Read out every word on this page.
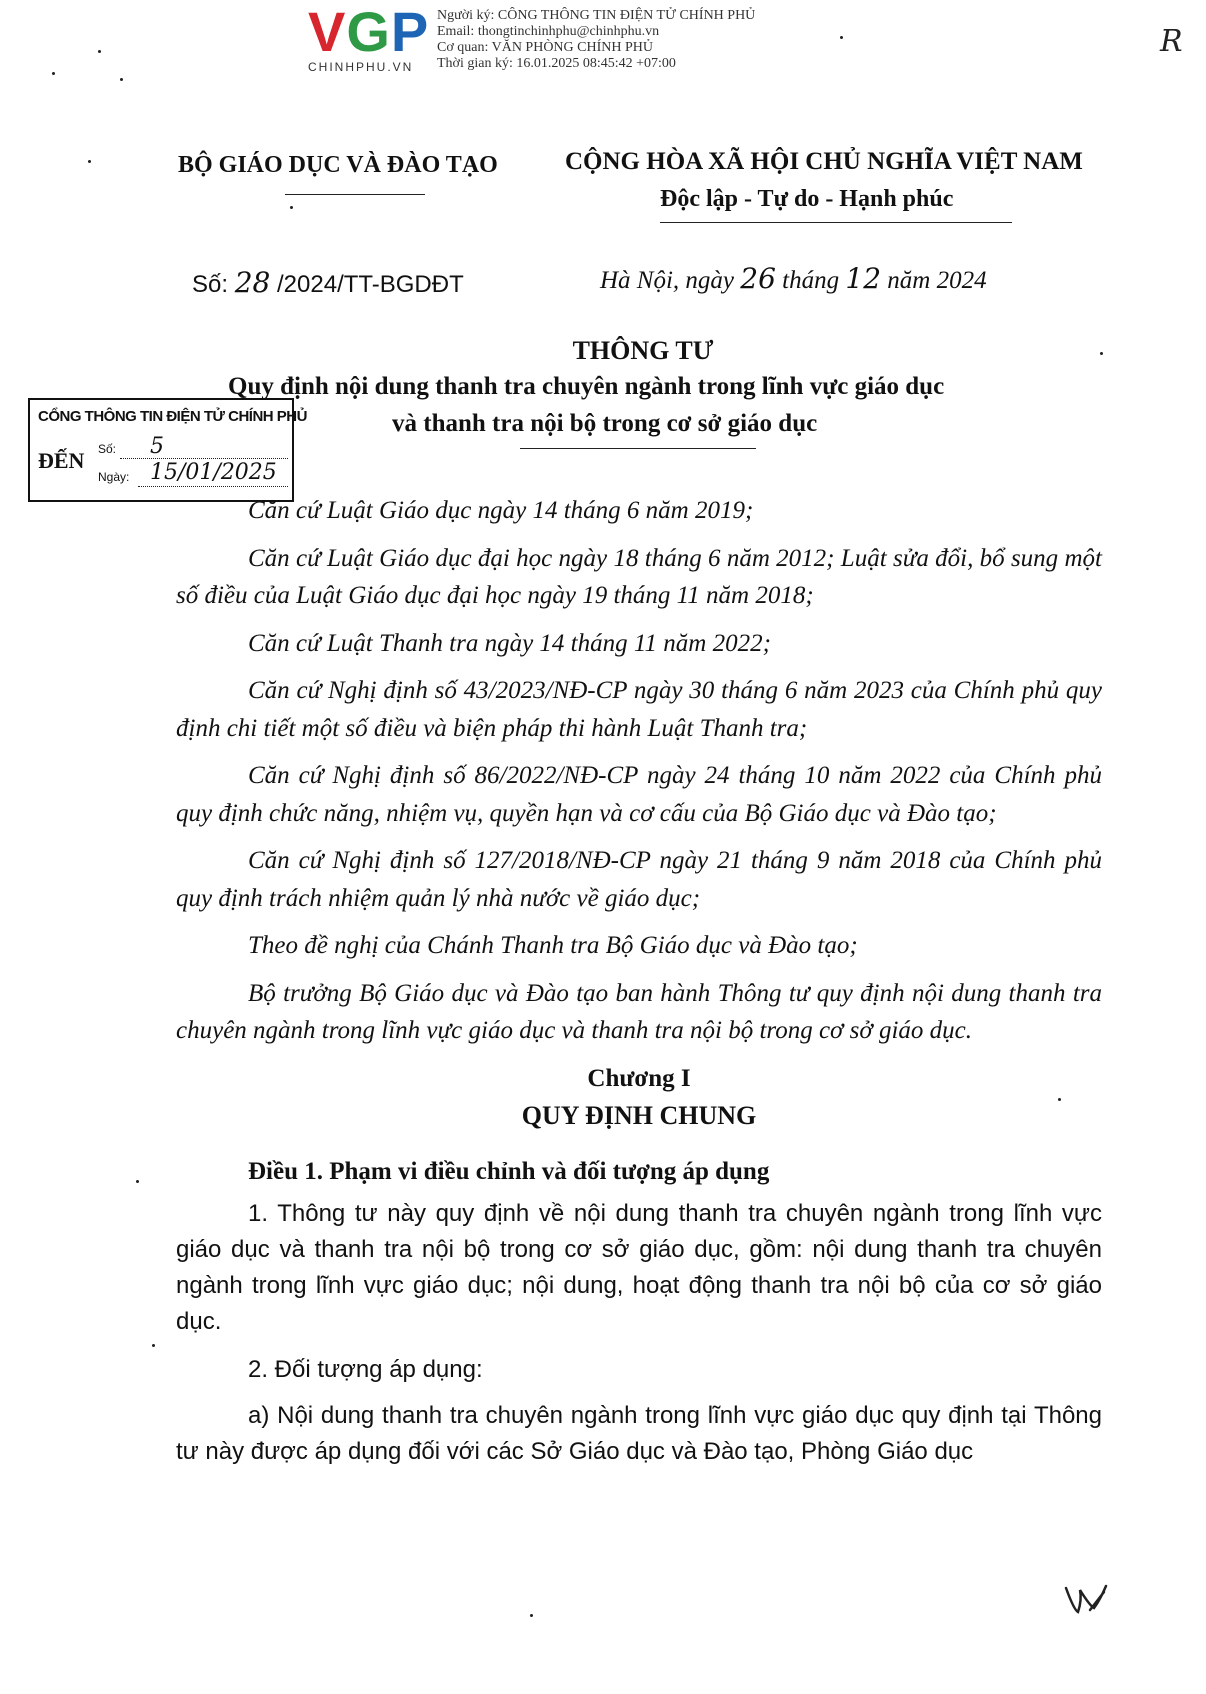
VGP
CHINHPHU.VN
Người ký: CÔNG THÔNG TIN ĐIỆN TỬ CHÍNH PHỦ
Email: thongtinchinhphu@chinhphu.vn
Cơ quan: VĂN PHÒNG CHÍNH PHỦ
Thời gian ký: 16.01.2025 08:45:42 +07:00
R
BỘ GIÁO DỤC VÀ ĐÀO TẠO	CỘNG HÒA XÃ HỘI CHỦ NGHĨA VIỆT NAM
Độc lập - Tự do - Hạnh phúc
Số: 28 /2024/TT-BGDĐT	Hà Nội, ngày 26 tháng 12 năm 2024
THÔNG TƯ
Quy định nội dung thanh tra chuyên ngành trong lĩnh vực giáo dục
và thanh tra nội bộ trong cơ sở giáo dục
CỔNG THÔNG TIN ĐIỆN TỬ CHÍNH PHỦ
ĐẾN Số: 5
Ngày: 15/01/2025

Căn cứ Luật Giáo dục ngày 14 tháng 6 năm 2019;

Căn cứ Luật Giáo dục đại học ngày 18 tháng 6 năm 2012; Luật sửa đổi, bổ sung một số điều của Luật Giáo dục đại học ngày 19 tháng 11 năm 2018;

Căn cứ Luật Thanh tra ngày 14 tháng 11 năm 2022;

Căn cứ Nghị định số 43/2023/NĐ-CP ngày 30 tháng 6 năm 2023 của Chính phủ quy định chi tiết một số điều và biện pháp thi hành Luật Thanh tra;

Căn cứ Nghị định số 86/2022/NĐ-CP ngày 24 tháng 10 năm 2022 của Chính phủ quy định chức năng, nhiệm vụ, quyền hạn và cơ cấu của Bộ Giáo dục và Đào tạo;

Căn cứ Nghị định số 127/2018/NĐ-CP ngày 21 tháng 9 năm 2018 của Chính phủ quy định trách nhiệm quản lý nhà nước về giáo dục;

Theo đề nghị của Chánh Thanh tra Bộ Giáo dục và Đào tạo;

Bộ trưởng Bộ Giáo dục và Đào tạo ban hành Thông tư quy định nội dung thanh tra chuyên ngành trong lĩnh vực giáo dục và thanh tra nội bộ trong cơ sở giáo dục.

Chương I

QUY ĐỊNH CHUNG

Điều 1. Phạm vi điều chỉnh và đối tượng áp dụng

1. Thông tư này quy định về nội dung thanh tra chuyên ngành trong lĩnh vực giáo dục và thanh tra nội bộ trong cơ sở giáo dục, gồm: nội dung thanh tra chuyên ngành trong lĩnh vực giáo dục; nội dung, hoạt động thanh tra nội bộ của cơ sở giáo dục.

2. Đối tượng áp dụng:

a) Nội dung thanh tra chuyên ngành trong lĩnh vực giáo dục quy định tại Thông tư này được áp dụng đối với các Sở Giáo dục và Đào tạo, Phòng Giáo dục
